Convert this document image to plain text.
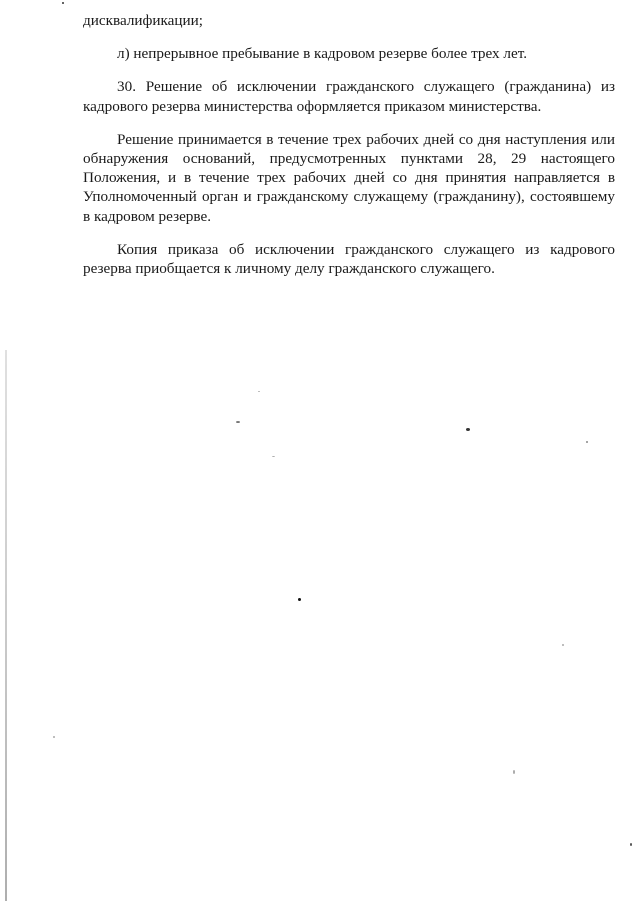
дисквалификации;

л) непрерывное пребывание в кадровом резерве более трех лет.

30. Решение об исключении гражданского служащего (гражданина) из кадрового резерва министерства оформляется приказом министерства.

Решение принимается в течение трех рабочих дней со дня наступления или обнаружения оснований, предусмотренных пунктами 28, 29 настоящего Положения, и в течение трех рабочих дней со дня принятия направляется в Уполномоченный орган и гражданскому служащему (гражданину), состоявшему в кадровом резерве.

Копия приказа об исключении гражданского служащего из кадрового резерва приобщается к личному делу гражданского служащего.
